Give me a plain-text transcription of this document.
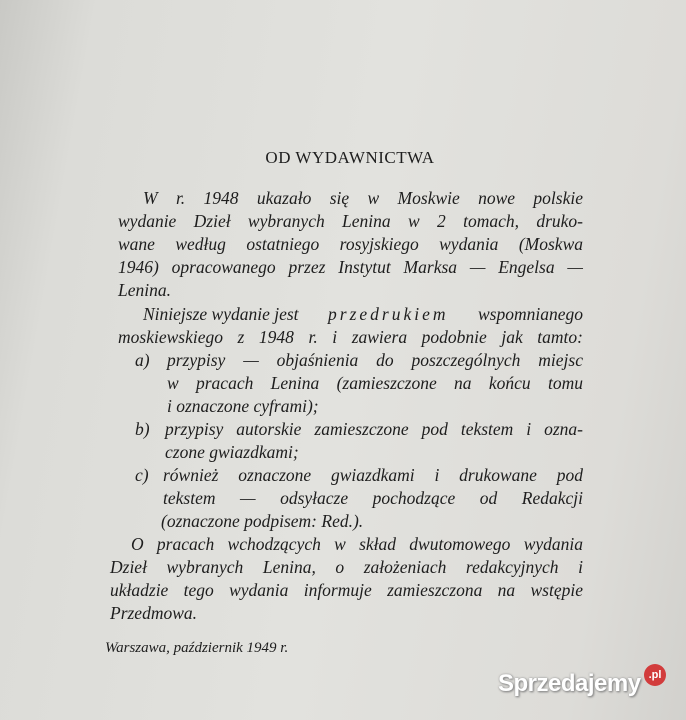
OD WYDAWNICTWA
W r. 1948 ukazało się w Moskwie nowe polskie
wydanie Dzieł wybranych Lenina w 2 tomach, druko-
wane według ostatniego rosyjskiego wydania (Moskwa
1946) opracowanego przez Instytut Marksa — Engelsa —
Lenina.
Niniejsze wydanie jest przedrukiem wspomnianego
moskiewskiego z 1948 r. i zawiera podobnie jak tamto:
a) przypisy — objaśnienia do poszczególnych miejsc
w pracach Lenina (zamieszczone na końcu tomu
i oznaczone cyframi);
b) przypisy autorskie zamieszczone pod tekstem i ozna-
czone gwiazdkami;
c) również oznaczone gwiazdkami i drukowane pod
tekstem — odsyłacze pochodzące od Redakcji
(oznaczone podpisem: Red.).
O pracach wchodzących w skład dwutomowego wydania
Dzieł wybranych Lenina, o założeniach redakcyjnych i
układzie tego wydania informuje zamieszczona na wstępie
Przedmowa.
Warszawa, październik 1949 r.
Sprzedajemy .pl
